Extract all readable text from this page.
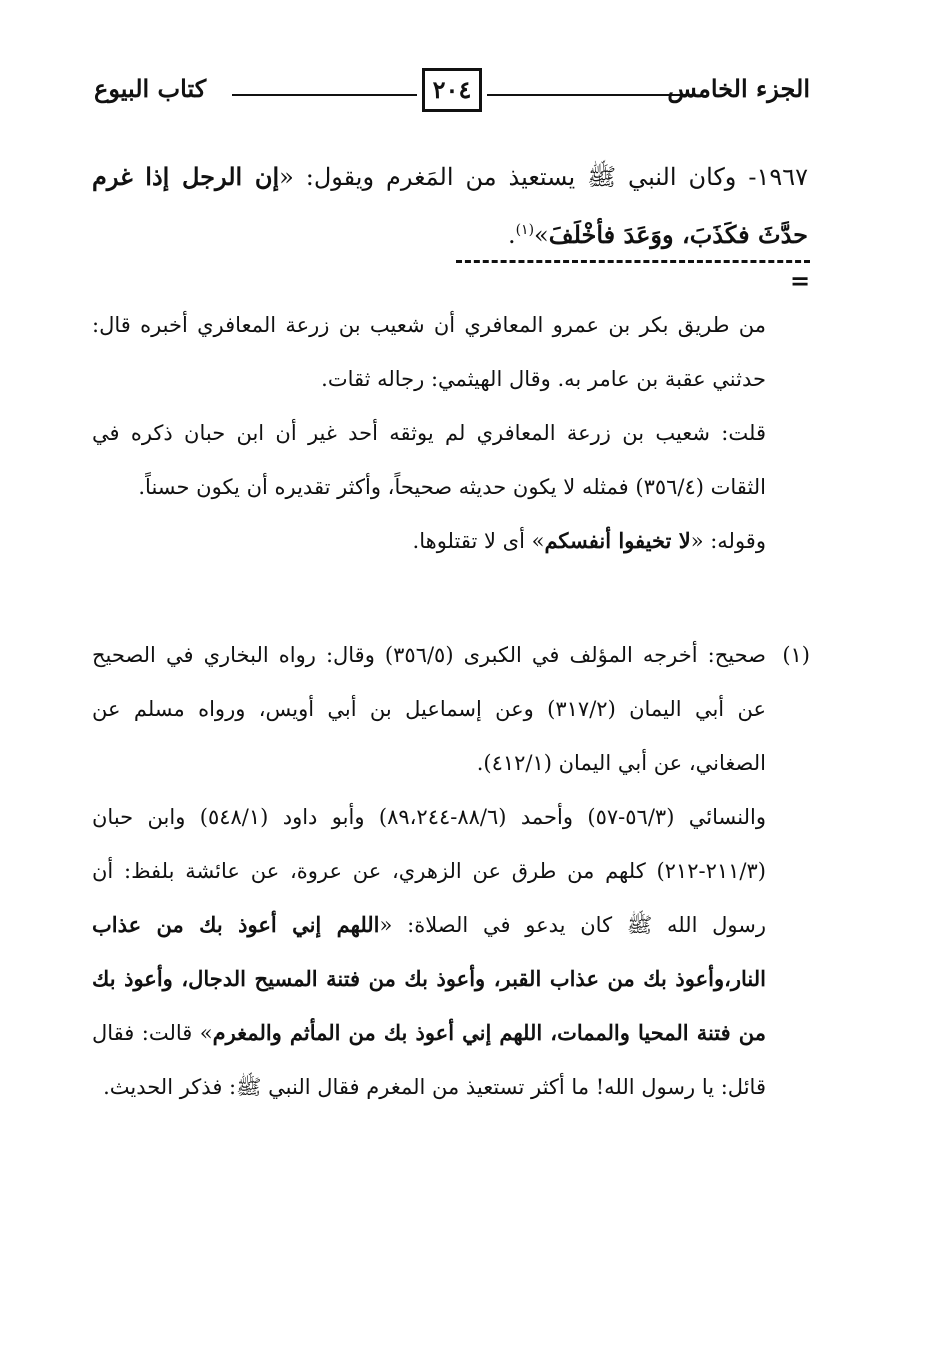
الجزء الخامس
٢٠٤
كتاب البيوع
١٩٦٧- وكان النبي ﷺ يستعيذ من المَغرم ويقول: «إن الرجل إذا غرم حدَّثَ فكَذَبَ، ووَعَدَ فأخْلَفَ»$^{(١)}$.
=

من طريق بكر بن عمرو المعافري أن شعيب بن زرعة المعافري أخبره قال: حدثني عقبة بن عامر به. وقال الهيثمي: رجاله ثقات.

قلت: شعيب بن زرعة المعافري لم يوثقه أحد غير أن ابن حبان ذكره في الثقات (٣٥٦/٤) فمثله لا يكون حديثه صحيحاً، وأكثر تقديره أن يكون حسناً.

وقوله: «لا تخيفوا أنفسكم» أى لا تقتلوها.

(١)

صحيح: أخرجه المؤلف في الكبرى (٣٥٦/٥) وقال: رواه البخاري في الصحيح عن أبي اليمان (٣١٧/٢) وعن إسماعيل بن أبي أويس، ورواه مسلم عن الصغاني، عن أبي اليمان (٤١٢/١).

والنسائي (٥٦/٣-٥٧) وأحمد (٨٨/٦-٨٩،٢٤٤) وأبو داود (٥٤٨/١) وابن حبان (٢١١/٣-٢١٢) كلهم من طرق عن الزهري، عن عروة، عن عائشة بلفظ: أن رسول الله ﷺ كان يدعو في الصلاة: «اللهم إني أعوذ بك من عذاب النار،وأعوذ بك من عذاب القبر، وأعوذ بك من فتنة المسيح الدجال، وأعوذ بك من فتنة المحيا والممات، اللهم إني أعوذ بك من المأثم والمغرم» قالت: فقال قائل: يا رسول الله! ما أكثر تستعيذ من المغرم فقال النبي ﷺ: فذكر الحديث.
